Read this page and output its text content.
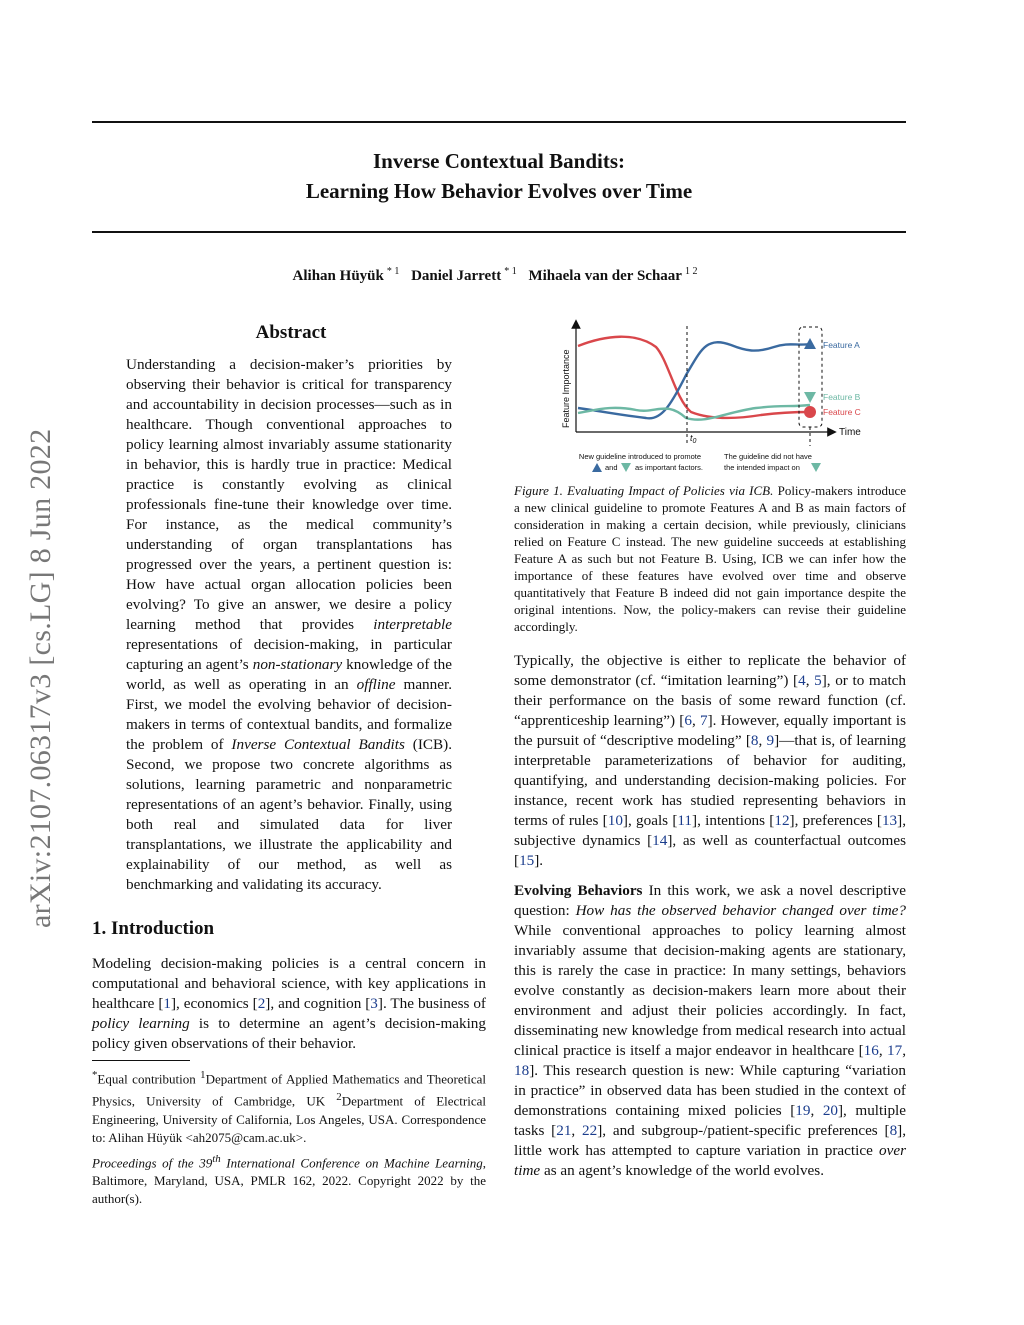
arXiv:2107.06317v3 [cs.LG] 8 Jun 2022
Inverse Contextual Bandits:
Learning How Behavior Evolves over Time
Alihan Hüyük $^{* 1}$ Daniel Jarrett $^{* 1}$ Mihaela van der Schaar $^{1 2}$
Abstract

Understanding a decision-maker’s priorities by observing their behavior is critical for transparency and accountability in decision processes—such as in healthcare. Though conventional approaches to policy learning almost invariably assume stationarity in behavior, this is hardly true in practice: Medical practice is constantly evolving as clinical professionals fine-tune their knowledge over time. For instance, as the medical community’s understanding of organ transplantations has progressed over the years, a pertinent question is: How have actual organ allocation policies been evolving? To give an answer, we desire a policy learning method that provides interpretable representations of decision-making, in particular capturing an agent’s non-stationary knowledge of the world, as well as operating in an offline manner. First, we model the evolving behavior of decision-makers in terms of contextual bandits, and formalize the problem of Inverse Contextual Bandits (ICB). Second, we propose two concrete algorithms as solutions, learning parametric and nonparametric representations of an agent’s behavior. Finally, using both real and simulated data for liver transplantations, we illustrate the applicability and explainability of our method, as well as benchmarking and validating its accuracy.

1. Introduction

Modeling decision-making policies is a central concern in computational and behavioral science, with key applications in healthcare [1], economics [2], and cognition [3]. The business of policy learning is to determine an agent’s decision-making policy given observations of their behavior.

*Equal contribution $^1$Department of Applied Mathematics and Theoretical Physics, University of Cambridge, UK $^2$Department of Electrical Engineering, University of California, Los Angeles, USA. Correspondence to: Alihan Hüyük <ah2075@cam.ac.uk>.

Proceedings of the 39th International Conference on Machine Learning, Baltimore, Maryland, USA, PMLR 162, 2022. Copyright 2022 by the author(s).

Feature Importance
Time
$t_0$
Feature A
Feature B
Feature C
New guideline introduced to promote
and as important factors.
The guideline did not have
the intended impact on

Figure 1. Evaluating Impact of Policies via ICB. Policy-makers introduce a new clinical guideline to promote Features A and B as main factors of consideration in making a certain decision, while previously, clinicians relied on Feature C instead. The new guideline succeeds at establishing Feature A as such but not Feature B. Using, ICB we can infer how the importance of these features have evolved over time and observe quantitatively that Feature B indeed did not gain importance despite the original intentions. Now, the policy-makers can revise their guideline accordingly.

Typically, the objective is either to replicate the behavior of some demonstrator (cf. “imitation learning”) [4, 5], or to match their performance on the basis of some reward function (cf. “apprenticeship learning”) [6, 7]. However, equally important is the pursuit of “descriptive modeling” [8, 9]—that is, of learning interpretable parameterizations of behavior for auditing, quantifying, and understanding decision-making policies. For instance, recent work has studied representing behaviors in terms of rules [10], goals [11], intentions [12], preferences [13], subjective dynamics [14], as well as counterfactual outcomes [15].

Evolving Behaviors In this work, we ask a novel descriptive question: How has the observed behavior changed over time? While conventional approaches to policy learning almost invariably assume that decision-making agents are stationary, this is rarely the case in practice: In many settings, behaviors evolve constantly as decision-makers learn more about their environment and adjust their policies accordingly. In fact, disseminating new knowledge from medical research into actual clinical practice is itself a major endeavor in healthcare [16, 17, 18]. This research question is new: While capturing “variation in practice” in observed data has been studied in the context of demonstrations containing mixed policies [19, 20], multiple tasks [21, 22], and subgroup-/patient-specific preferences [8], little work has attempted to capture variation in practice over time as an agent’s knowledge of the world evolves.
